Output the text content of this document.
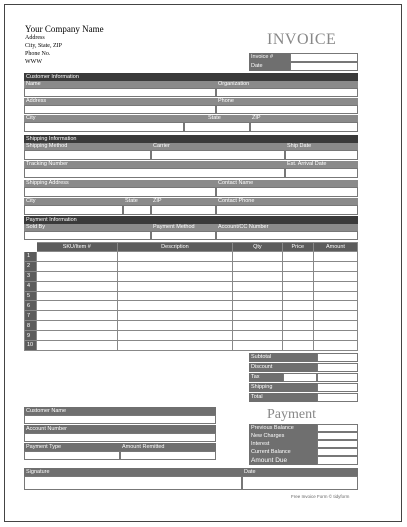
Your Company Name
Address
City, State, ZIP
Phone No.
WWW
INVOICE
Invoice #
Date
Customer Information
Name	Organization
Address	Phone
City	State	ZIP
Shipping Information
Shipping Method	Carrier	Ship Date
Tracking Number	Est. Arrival Date
Shipping Address	Contact Name
City	State	ZIP	Contact Phone
Payment Information
Sold By	Payment Method	Account/CC Number
	SKU/Item #	Description	Qty	Price	Amount
1					
2					
3					
4					
5					
6					
7					
8					
9					
10					
Subtotal
Discount
Tax
Shipping
Total
Customer Name
Account Number
Payment Type	Amount Remitted
Payment
Previous Balance
New Charges
Interest
Current Balance
Amount Due
Signature	Date
Free Invoice Form © tidyform
